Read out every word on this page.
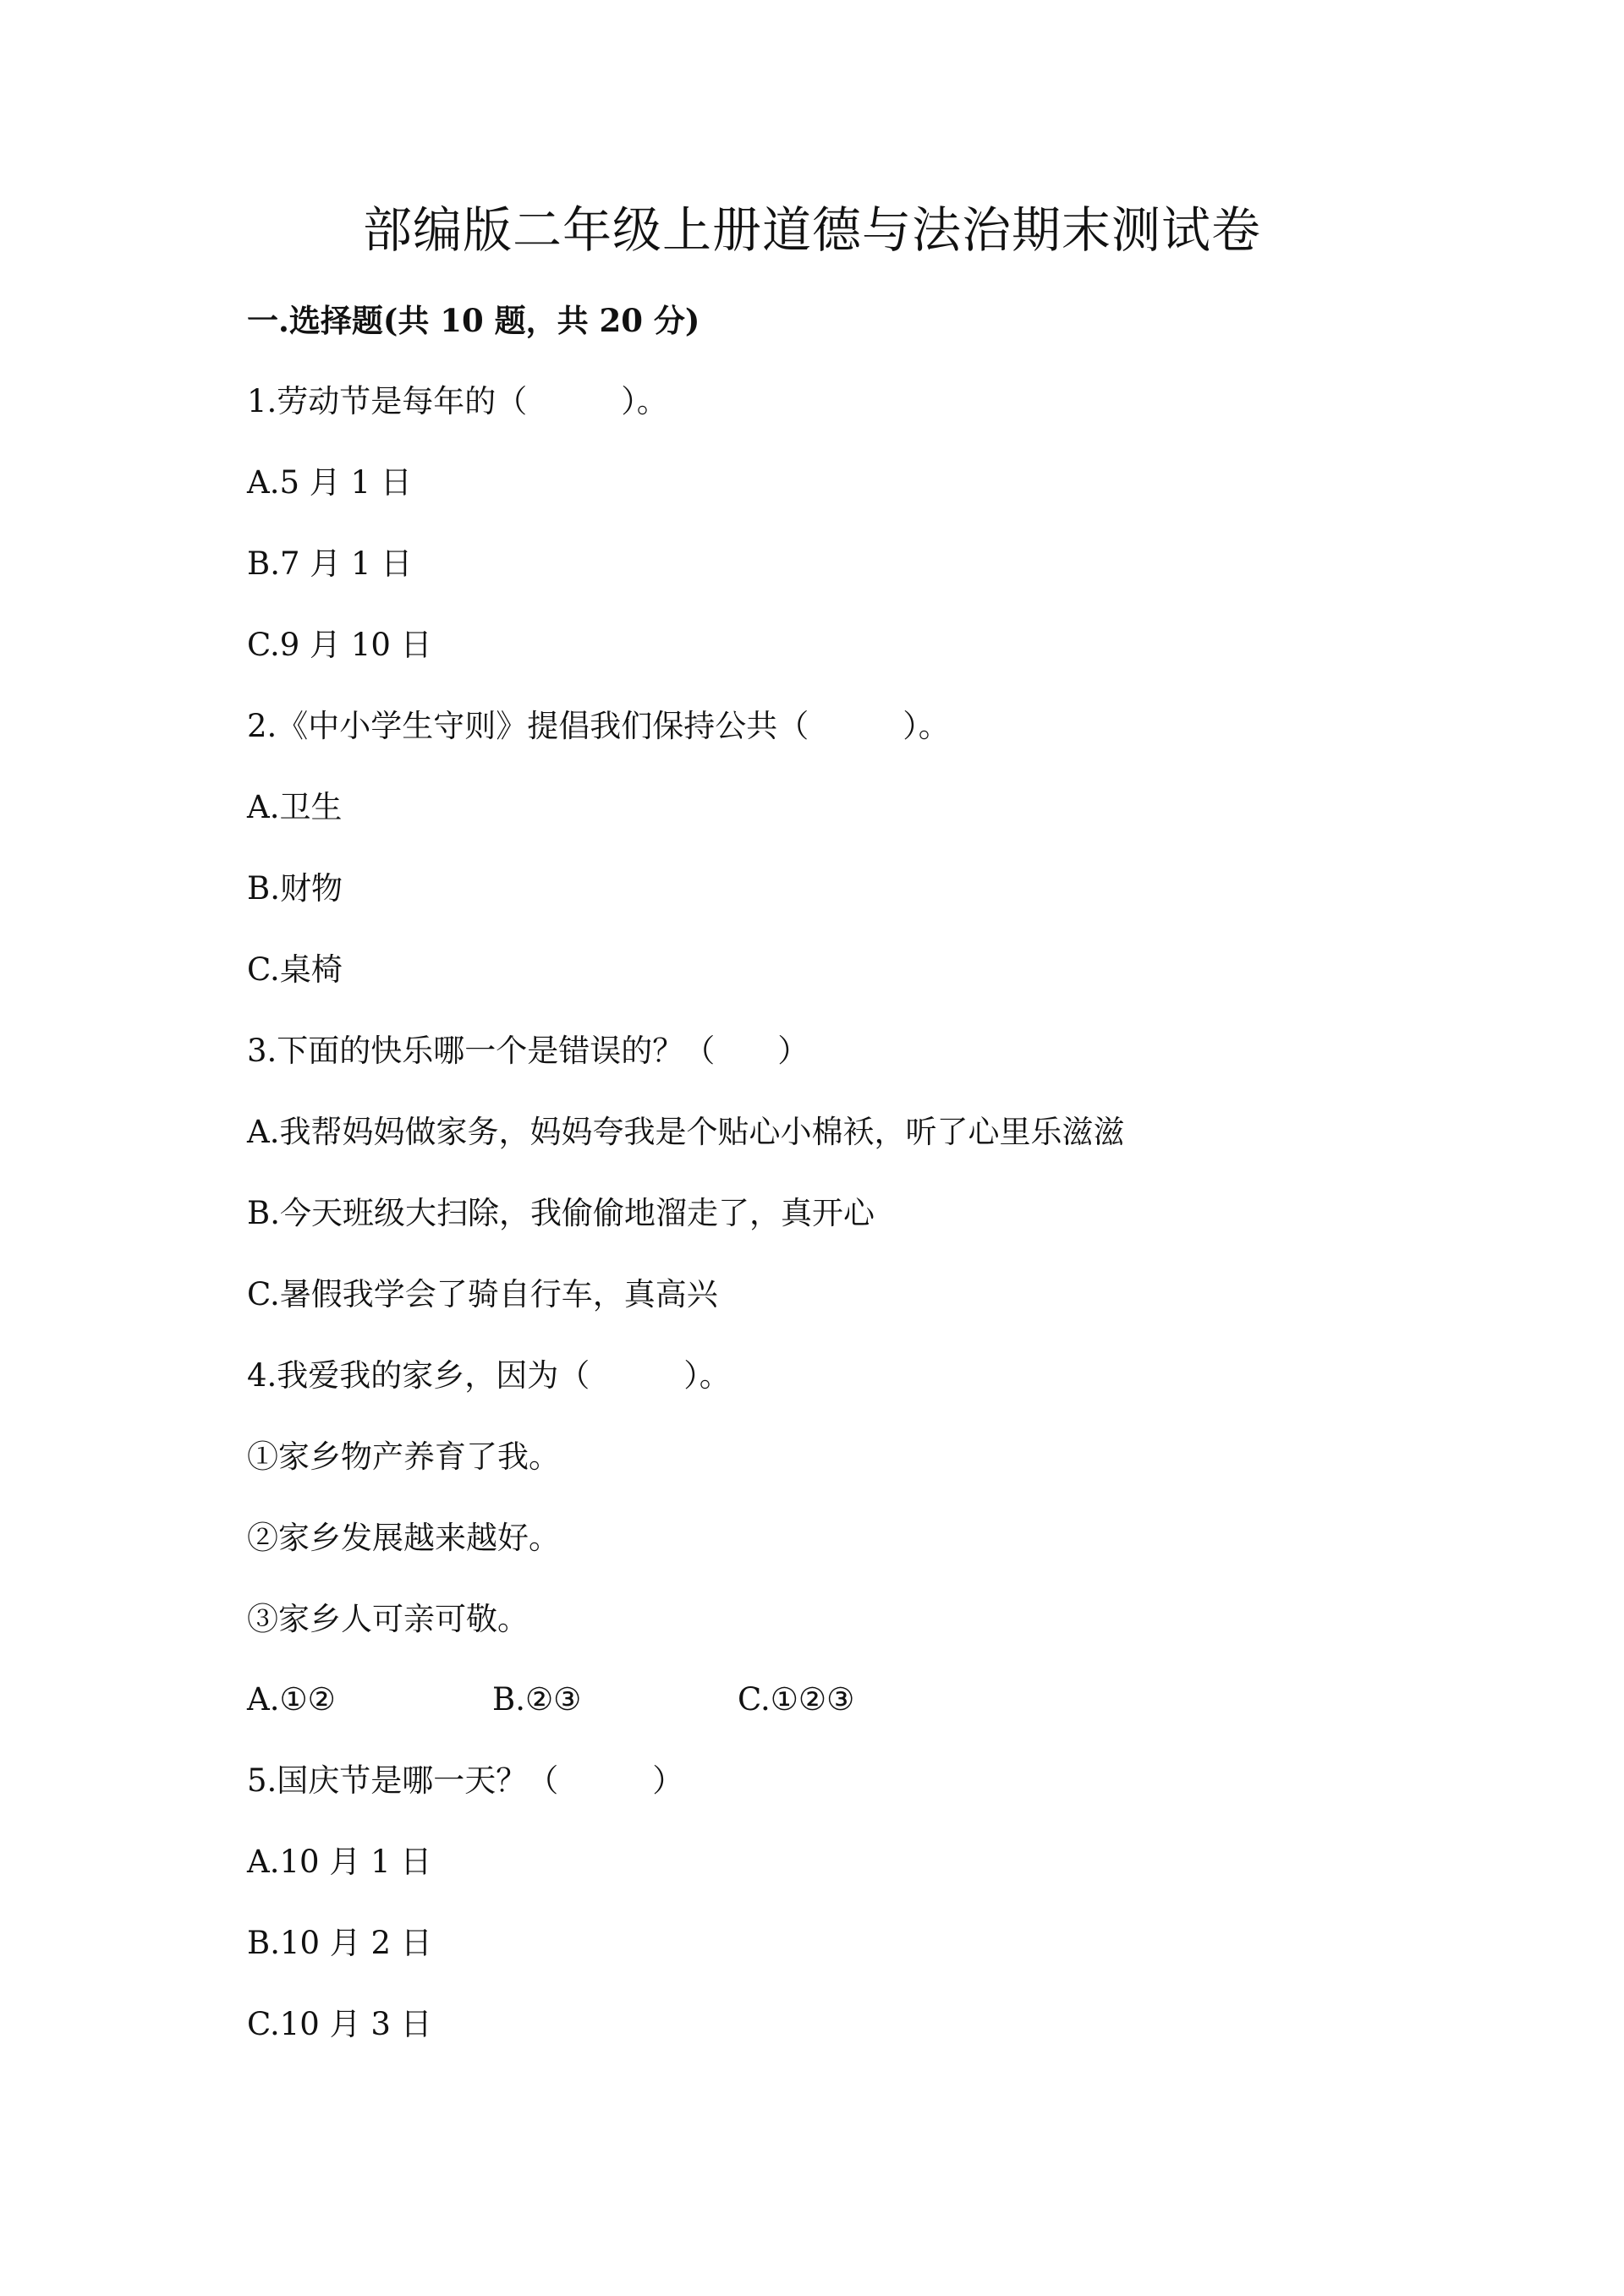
部编版二年级上册道德与法治期末测试卷
一.选择题(共 10 题，共 20 分)

1.劳动节是每年的（　　　）。

A.5 月 1 日

B.7 月 1 日

C.9 月 10 日

2.《中小学生守则》提倡我们保持公共（　　　）。

A.卫生

B.财物

C.桌椅

3.下面的快乐哪一个是错误的？（　　）

A.我帮妈妈做家务，妈妈夸我是个贴心小棉袄，听了心里乐滋滋

B.今天班级大扫除，我偷偷地溜走了，真开心

C.暑假我学会了骑自行车，真高兴

4.我爱我的家乡，因为（　　　）。

①家乡物产养育了我。

②家乡发展越来越好。

③家乡人可亲可敬。

A.①②	B.②③	C.①②③

5.国庆节是哪一天？（　　　）

A.10 月 1 日

B.10 月 2 日

C.10 月 3 日
